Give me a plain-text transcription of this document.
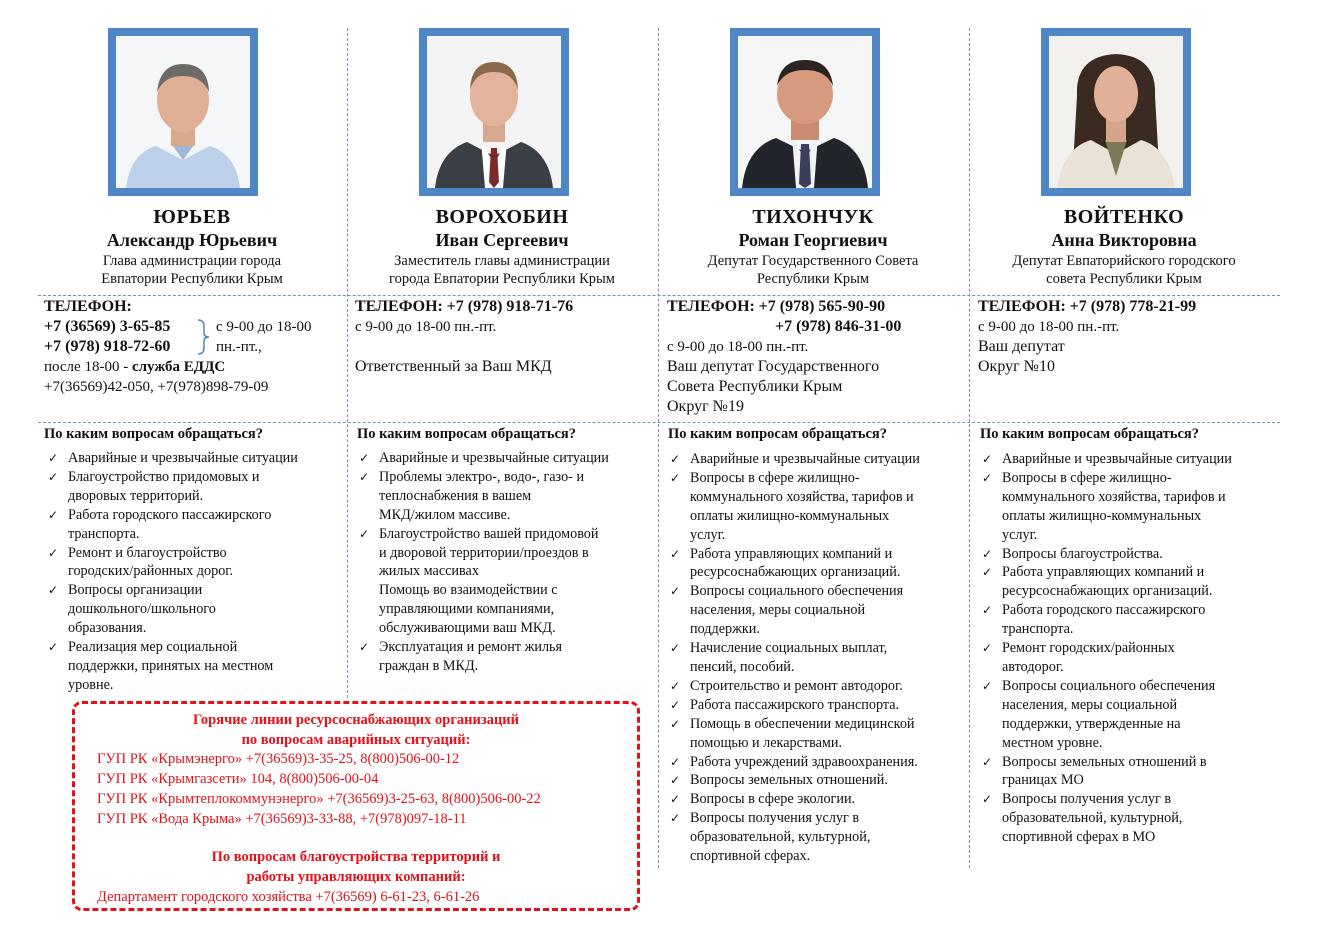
ЮРЬЕВ
Александр Юрьевич
Глава администрации города
Евпатории Республики Крым
ВОРОХОБИН
Иван Сергеевич
Заместитель главы администрации
города Евпатории Республики Крым
ТИХОНЧУК
Роман Георгиевич
Депутат Государственного Совета
Республики Крым
ВОЙТЕНКО
Анна Викторовна
Депутат Евпаторийского городского
совета Республики Крым
ТЕЛЕФОН:
+7 (36569) 3-65-85
+7 (978) 918-72-60
с 9-00 до 18-00
пн.-пт.,
после 18-00 - служба ЕДДС
+7(36569)42-050, +7(978)898-79-09
ТЕЛЕФОН: +7 (978) 918-71-76
с 9-00 до 18-00 пн.-пт.
Ответственный за Ваш МКД
ТЕЛЕФОН: +7 (978) 565-90-90
+7 (978) 846-31-00
с 9-00 до 18-00 пн.-пт.
Ваш депутат Государственного
Совета Республики Крым
Округ №19
ТЕЛЕФОН: +7 (978) 778-21-99
с 9-00 до 18-00 пн.-пт.
Ваш депутат
Округ №10
По каким вопросам обращаться?	По каким вопросам обращаться?	По каким вопросам обращаться?	По каким вопросам обращаться?
✓ Аварийные и чрезвычайные ситуации
✓ Благоустройство придомовых и
дворовых территорий.
✓ Работа городского пассажирского
транспорта.
✓ Ремонт и благоустройство
городских/районных дорог.
✓ Вопросы организации
дошкольного/школьного
образования.
✓ Реализация мер социальной
поддержки, принятых на местном
уровне.
✓ Аварийные и чрезвычайные ситуации
✓ Проблемы электро-, водо-, газо- и
теплоснабжения в вашем
МКД/жилом массиве.
✓ Благоустройство вашей придомовой
и дворовой территории/проездов в
жилых массивах
Помощь во взаимодействии с
управляющими компаниями,
обслуживающими ваш МКД.
✓ Эксплуатация и ремонт жилья
граждан в МКД.
✓ Аварийные и чрезвычайные ситуации
✓ Вопросы в сфере жилищно-
коммунального хозяйства, тарифов и
оплаты жилищно-коммунальных
услуг.
✓ Работа управляющих компаний и
ресурсоснабжающих организаций.
✓ Вопросы социального обеспечения
населения, меры социальной
поддержки.
✓ Начисление социальных выплат,
пенсий, пособий.
✓ Строительство и ремонт автодорог.
✓ Работа пассажирского транспорта.
✓ Помощь в обеспечении медицинской
помощью и лекарствами.
✓ Работа учреждений здравоохранения.
✓ Вопросы земельных отношений.
✓ Вопросы в сфере экологии.
✓ Вопросы получения услуг в
образовательной, культурной,
спортивной сферах.
✓ Аварийные и чрезвычайные ситуации
✓ Вопросы в сфере жилищно-
коммунального хозяйства, тарифов и
оплаты жилищно-коммунальных
услуг.
✓ Вопросы благоустройства.
✓ Работа управляющих компаний и
ресурсоснабжающих организаций.
✓ Работа городского пассажирского
транспорта.
✓ Ремонт городских/районных
автодорог.
✓ Вопросы социального обеспечения
населения, меры социальной
поддержки, утвержденные на
местном уровне.
✓ Вопросы земельных отношений в
границах МО
✓ Вопросы получения услуг в
образовательной, культурной,
спортивной сферах в МО
Горячие линии ресурсоснабжающих организаций
по вопросам аварийных ситуаций:
ГУП РК «Крымэнерго» +7(36569)3-35-25, 8(800)506-00-12
ГУП РК «Крымгазсети» 104, 8(800)506-00-04
ГУП РК «Крымтеплокоммунэнерго» +7(36569)3-25-63, 8(800)506-00-22
ГУП РК «Вода Крыма» +7(36569)3-33-88, +7(978)097-18-11
По вопросам благоустройства территорий и
работы управляющих компаний:
Департамент городского хозяйства +7(36569) 6-61-23, 6-61-26
